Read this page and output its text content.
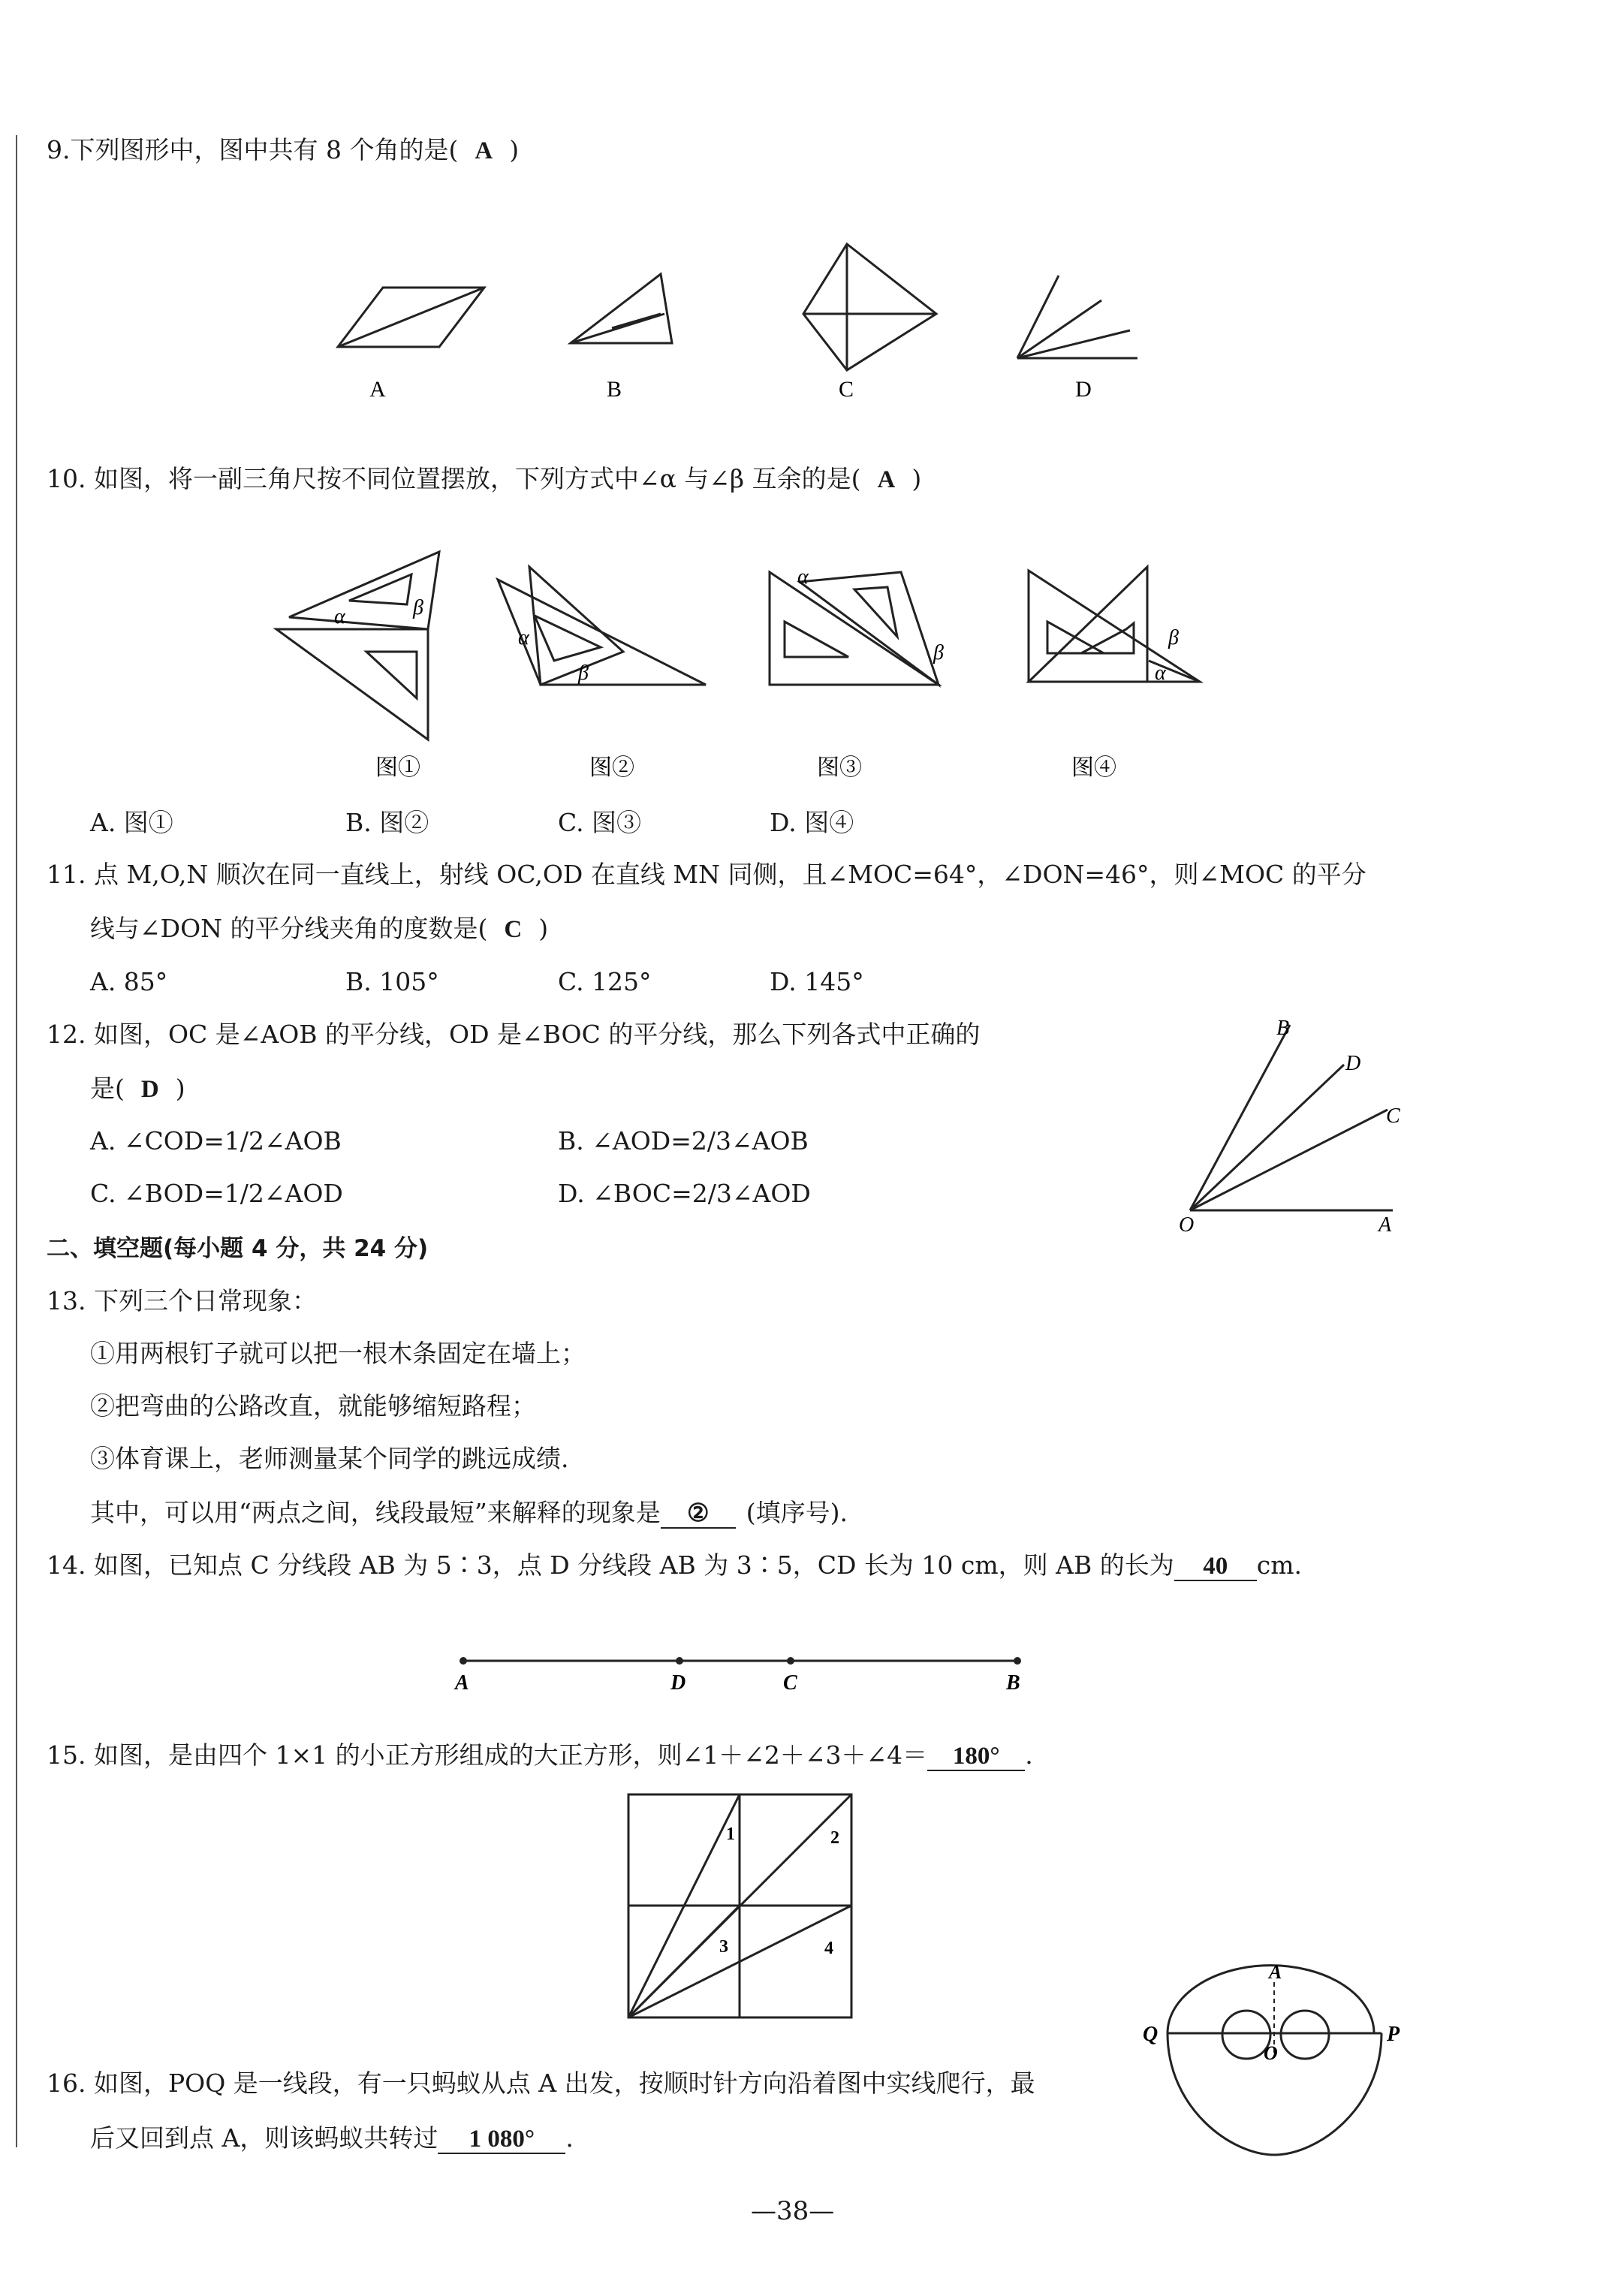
9.下列图形中，图中共有 8 个角的是( A )
A	B	C	D
10. 如图，将一副三角尺按不同位置摆放，下列方式中∠α 与∠β 互余的是( A )
α	β
α
β
α
β
β
α
图①	图②	图③	图④
A. 图①	B. 图②	C. 图③	D. 图④
11. 点 M,O,N 顺次在同一直线上，射线 OC,OD 在直线 MN 同侧，且∠MOC=64°，∠DON=46°，则∠MOC 的平分
线与∠DON 的平分线夹角的度数是( C )
A. 85°	B. 105°	C. 125°	D. 145°
12. 如图，OC 是∠AOB 的平分线，OD 是∠BOC 的平分线，那么下列各式中正确的
是( D )
A. ∠COD=1/2∠AOB	B. ∠AOD=2/3∠AOB
C. ∠BOD=1/2∠AOD	D. ∠BOC=2/3∠AOD
B
D
C
O	A
二、填空题(每小题 4 分，共 24 分)
13. 下列三个日常现象：
①用两根钉子就可以把一根木条固定在墙上；
②把弯曲的公路改直，就能够缩短路程；
③体育课上，老师测量某个同学的跳远成绩.
其中，可以用“两点之间，线段最短”来解释的现象是 ② (填序号).
14. 如图，已知点 C 分线段 AB 为 5∶3，点 D 分线段 AB 为 3∶5，CD 长为 10 cm，则 AB 的长为 40 cm.
A	D	C	B
15. 如图，是由四个 1×1 的小正方形组成的大正方形，则∠1＋∠2＋∠3＋∠4＝ 180° .
1	2
3	4
16. 如图，POQ 是一线段，有一只蚂蚁从点 A 出发，按顺时针方向沿着图中实线爬行，最
后又回到点 A，则该蚂蚁共转过 1 080° .
A
Q
O
P
—38—
